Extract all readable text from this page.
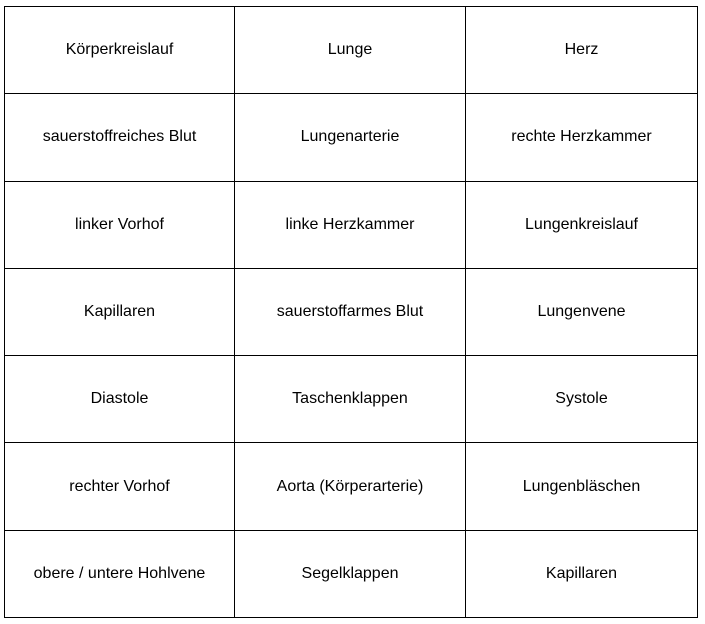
Körperkreislauf	Lunge	Herz
sauerstoffreiches Blut	Lungenarterie	rechte Herzkammer
linker Vorhof	linke Herzkammer	Lungenkreislauf
Kapillaren	sauerstoffarmes Blut	Lungenvene
Diastole	Taschenklappen	Systole
rechter Vorhof	Aorta (Körperarterie)	Lungenbläschen
obere / untere Hohlvene	Segelklappen	Kapillaren
